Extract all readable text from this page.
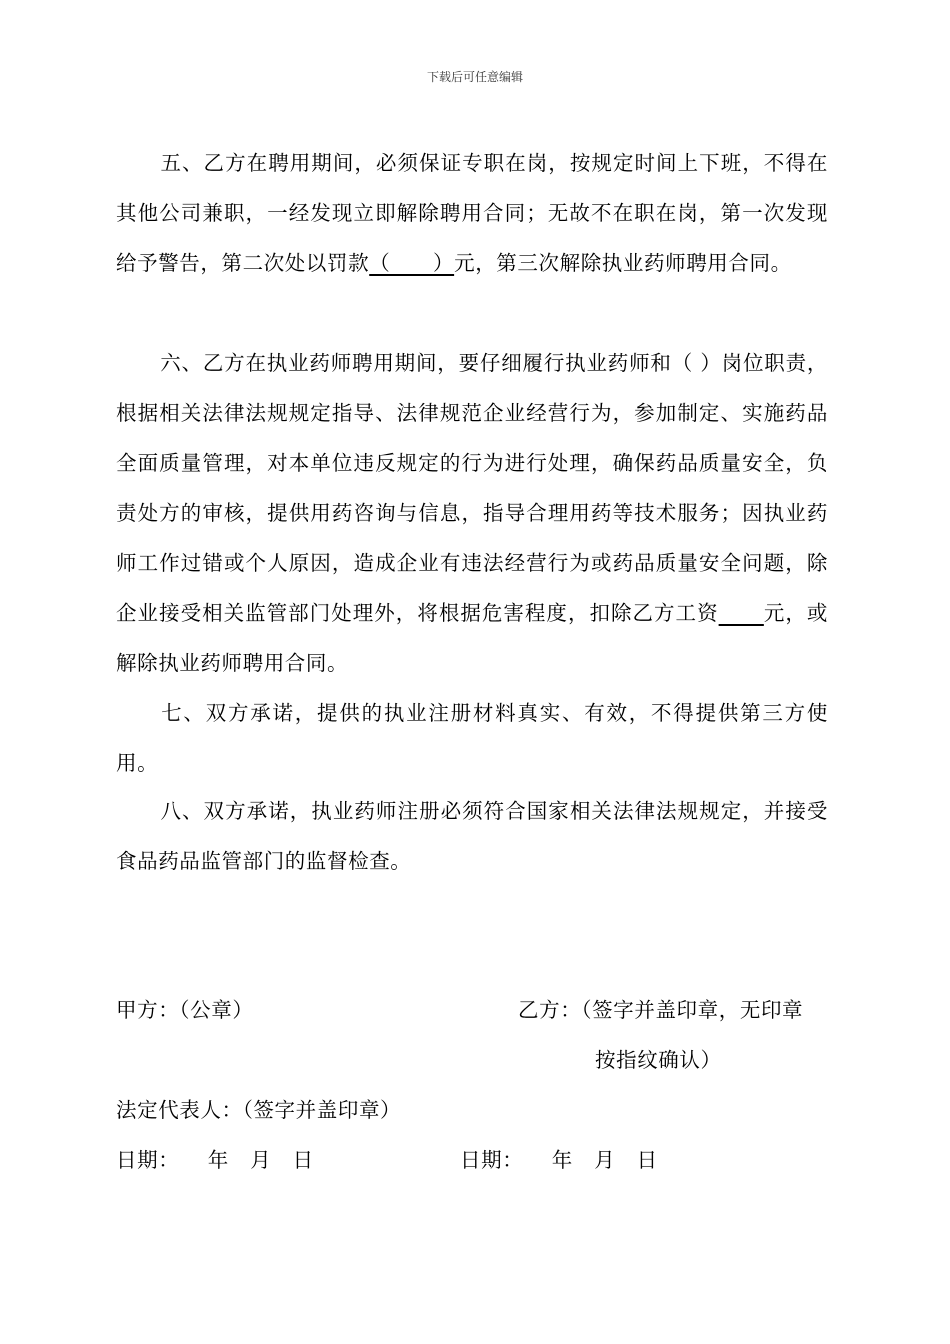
下载后可任意编辑
五、乙方在聘用期间，必须保证专职在岗，按规定时间上下班，不得在其他公司兼职，一经发现立即解除聘用合同；无故不在职在岗，第一次发现给予警告，第二次处以罚款（      ）元，第三次解除执业药师聘用合同。
六、乙方在执业药师聘用期间，要仔细履行执业药师和（ ）岗位职责，根据相关法律法规规定指导、法律规范企业经营行为，参加制定、实施药品全面质量管理，对本单位违反规定的行为进行处理，确保药品质量安全，负责处方的审核，提供用药咨询与信息，指导合理用药等技术服务；因执业药师工作过错或个人原因，造成企业有违法经营行为或药品质量安全问题，除企业接受相关监管部门处理外，将根据危害程度，扣除乙方工资 元，或解除执业药师聘用合同。
七、双方承诺，提供的执业注册材料真实、有效，不得提供第三方使用。
八、双方承诺，执业药师注册必须符合国家相关法律法规规定，并接受食品药品监管部门的监督检查。
甲方：（公章）	乙方：（签字并盖印章，无印章
按指纹确认）
法定代表人：（签字并盖印章）
日期：    年   月   日	日期：    年   月   日
